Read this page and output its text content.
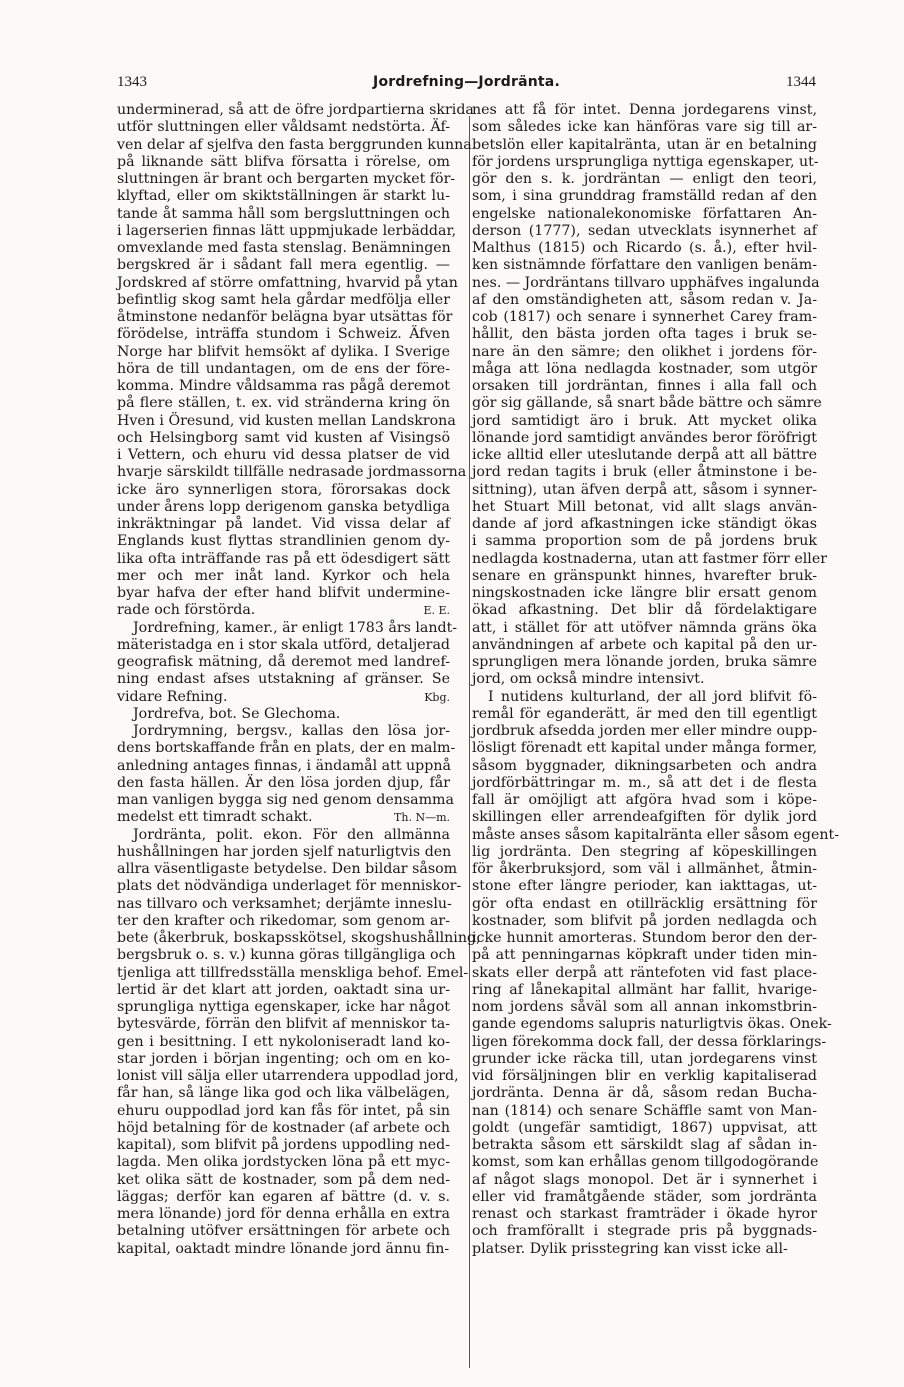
1343	Jordrefning—Jordränta.	1344
underminerad, så att de öfre jordpartierna skrida
utför sluttningen eller våldsamt nedstörta. Äf-
ven delar af sjelfva den fasta berggrunden kunna
på liknande sätt blifva försatta i rörelse, om
sluttningen är brant och bergarten mycket för-
klyftad, eller om skiktställningen är starkt lu-
tande åt samma håll som bergsluttningen och
i lagerserien finnas lätt uppmjukade lerbäddar,
omvexlande med fasta stenslag. Benämningen
bergskred är i sådant fall mera egentlig. —
Jordskred af större omfattning, hvarvid på ytan
befintlig skog samt hela gårdar medfölja eller
åtminstone nedanför belägna byar utsättas för
förödelse, inträffa stundom i Schweiz. Äfven
Norge har blifvit hemsökt af dylika. I Sverige
höra de till undantagen, om de ens der före-
komma. Mindre våldsamma ras pågå deremot
på flere ställen, t. ex. vid stränderna kring ön
Hven i Öresund, vid kusten mellan Landskrona
och Helsingborg samt vid kusten af Visingsö
i Vettern, och ehuru vid dessa platser de vid
hvarje särskildt tillfälle nedrasade jordmassorna
icke äro synnerligen stora, förorsakas dock
under årens lopp derigenom ganska betydliga
inkräktningar på landet. Vid vissa delar af
Englands kust flyttas strandlinien genom dy-
lika ofta inträffande ras på ett ödesdigert sätt
mer och mer inåt land. Kyrkor och hela
byar hafva der efter hand blifvit undermine-
rade och förstörda.	E. E.
Jordrefning, kamer., är enligt 1783 års landt-
mäteristadga en i stor skala utförd, detaljerad
geografisk mätning, då deremot med landref-
ning endast afses utstakning af gränser. Se
vidare Refning.	Kbg.
Jordrefva, bot. Se Glechoma.
Jordrymning, bergsv., kallas den lösa jor-
dens bortskaffande från en plats, der en malm-
anledning antages finnas, i ändamål att uppnå
den fasta hällen. Är den lösa jorden djup, får
man vanligen bygga sig ned genom densamma
medelst ett timradt schakt.	Th. N—m.
Jordränta, polit. ekon. För den allmänna
hushållningen har jorden sjelf naturligtvis den
allra väsentligaste betydelse. Den bildar såsom
plats det nödvändiga underlaget för menniskor-
nas tillvaro och verksamhet; derjämte inneslu-
ter den krafter och rikedomar, som genom ar-
bete (åkerbruk, boskapsskötsel, skogshushållning,
bergsbruk o. s. v.) kunna göras tillgängliga och
tjenliga att tillfredsställa menskliga behof. Emel-
lertid är det klart att jorden, oaktadt sina ur-
sprungliga nyttiga egenskaper, icke har något
bytesvärde, förrän den blifvit af menniskor ta-
gen i besittning. I ett nykoloniseradt land ko-
star jorden i början ingenting; och om en ko-
lonist vill sälja eller utarrendera uppodlad jord,
får han, så länge lika god och lika välbelägen,
ehuru ouppodlad jord kan fås för intet, på sin
höjd betalning för de kostnader (af arbete och
kapital), som blifvit på jordens uppodling ned-
lagda. Men olika jordstycken löna på ett myc-
ket olika sätt de kostnader, som på dem ned-
läggas; derför kan egaren af bättre (d. v. s.
mera lönande) jord för denna erhålla en extra
betalning utöfver ersättningen för arbete och
kapital, oaktadt mindre lönande jord ännu fin-
nes att få för intet. Denna jordegarens vinst,
som således icke kan hänföras vare sig till ar-
betslön eller kapitalränta, utan är en betalning
för jordens ursprungliga nyttiga egenskaper, ut-
gör den s. k. jordräntan — enligt den teori,
som, i sina grunddrag framställd redan af den
engelske nationalekonomiske författaren An-
derson (1777), sedan utvecklats isynnerhet af
Malthus (1815) och Ricardo (s. å.), efter hvil-
ken sistnämnde författare den vanligen benäm-
nes. — Jordräntans tillvaro upphäfves ingalunda
af den omständigheten att, såsom redan v. Ja-
cob (1817) och senare i synnerhet Carey fram-
hållit, den bästa jorden ofta tages i bruk se-
nare än den sämre; den olikhet i jordens för-
måga att löna nedlagda kostnader, som utgör
orsaken till jordräntan, finnes i alla fall och
gör sig gällande, så snart både bättre och sämre
jord samtidigt äro i bruk. Att mycket olika
lönande jord samtidigt användes beror föröfrigt
icke alltid eller uteslutande derpå att all bättre
jord redan tagits i bruk (eller åtminstone i be-
sittning), utan äfven derpå att, såsom i synner-
het Stuart Mill betonat, vid allt slags använ-
dande af jord afkastningen icke ständigt ökas
i samma proportion som de på jordens bruk
nedlagda kostnaderna, utan att fastmer förr eller
senare en gränspunkt hinnes, hvarefter bruk-
ningskostnaden icke längre blir ersatt genom
ökad afkastning. Det blir då fördelaktigare
att, i stället för att utöfver nämnda gräns öka
användningen af arbete och kapital på den ur-
sprungligen mera lönande jorden, bruka sämre
jord, om också mindre intensivt.
I nutidens kulturland, der all jord blifvit fö-
remål för eganderätt, är med den till egentligt
jordbruk afsedda jorden mer eller mindre oupp-
lösligt förenadt ett kapital under många former,
såsom byggnader, dikningsarbeten och andra
jordförbättringar m. m., så att det i de flesta
fall är omöjligt att afgöra hvad som i köpe-
skillingen eller arrendeafgiften för dylik jord
måste anses såsom kapitalränta eller såsom egent-
lig jordränta. Den stegring af köpeskillingen
för åkerbruksjord, som väl i allmänhet, åtmin-
stone efter längre perioder, kan iakttagas, ut-
gör ofta endast en otillräcklig ersättning för
kostnader, som blifvit på jorden nedlagda och
icke hunnit amorteras. Stundom beror den der-
på att penningarnas köpkraft under tiden min-
skats eller derpå att räntefoten vid fast place-
ring af lånekapital allmänt har fallit, hvarige-
nom jordens såväl som all annan inkomstbrin-
gande egendoms salupris naturligtvis ökas. Onek-
ligen förekomma dock fall, der dessa förklarings-
grunder icke räcka till, utan jordegarens vinst
vid försäljningen blir en verklig kapitaliserad
jordränta. Denna är då, såsom redan Bucha-
nan (1814) och senare Schäffle samt von Man-
goldt (ungefär samtidigt, 1867) uppvisat, att
betrakta såsom ett särskildt slag af sådan in-
komst, som kan erhållas genom tillgodogörande
af något slags monopol. Det är i synnerhet i
eller vid framåtgående städer, som jordränta
renast och starkast framträder i ökade hyror
och framförallt i stegrade pris på byggnads-
platser. Dylik prisstegring kan visst icke all-
